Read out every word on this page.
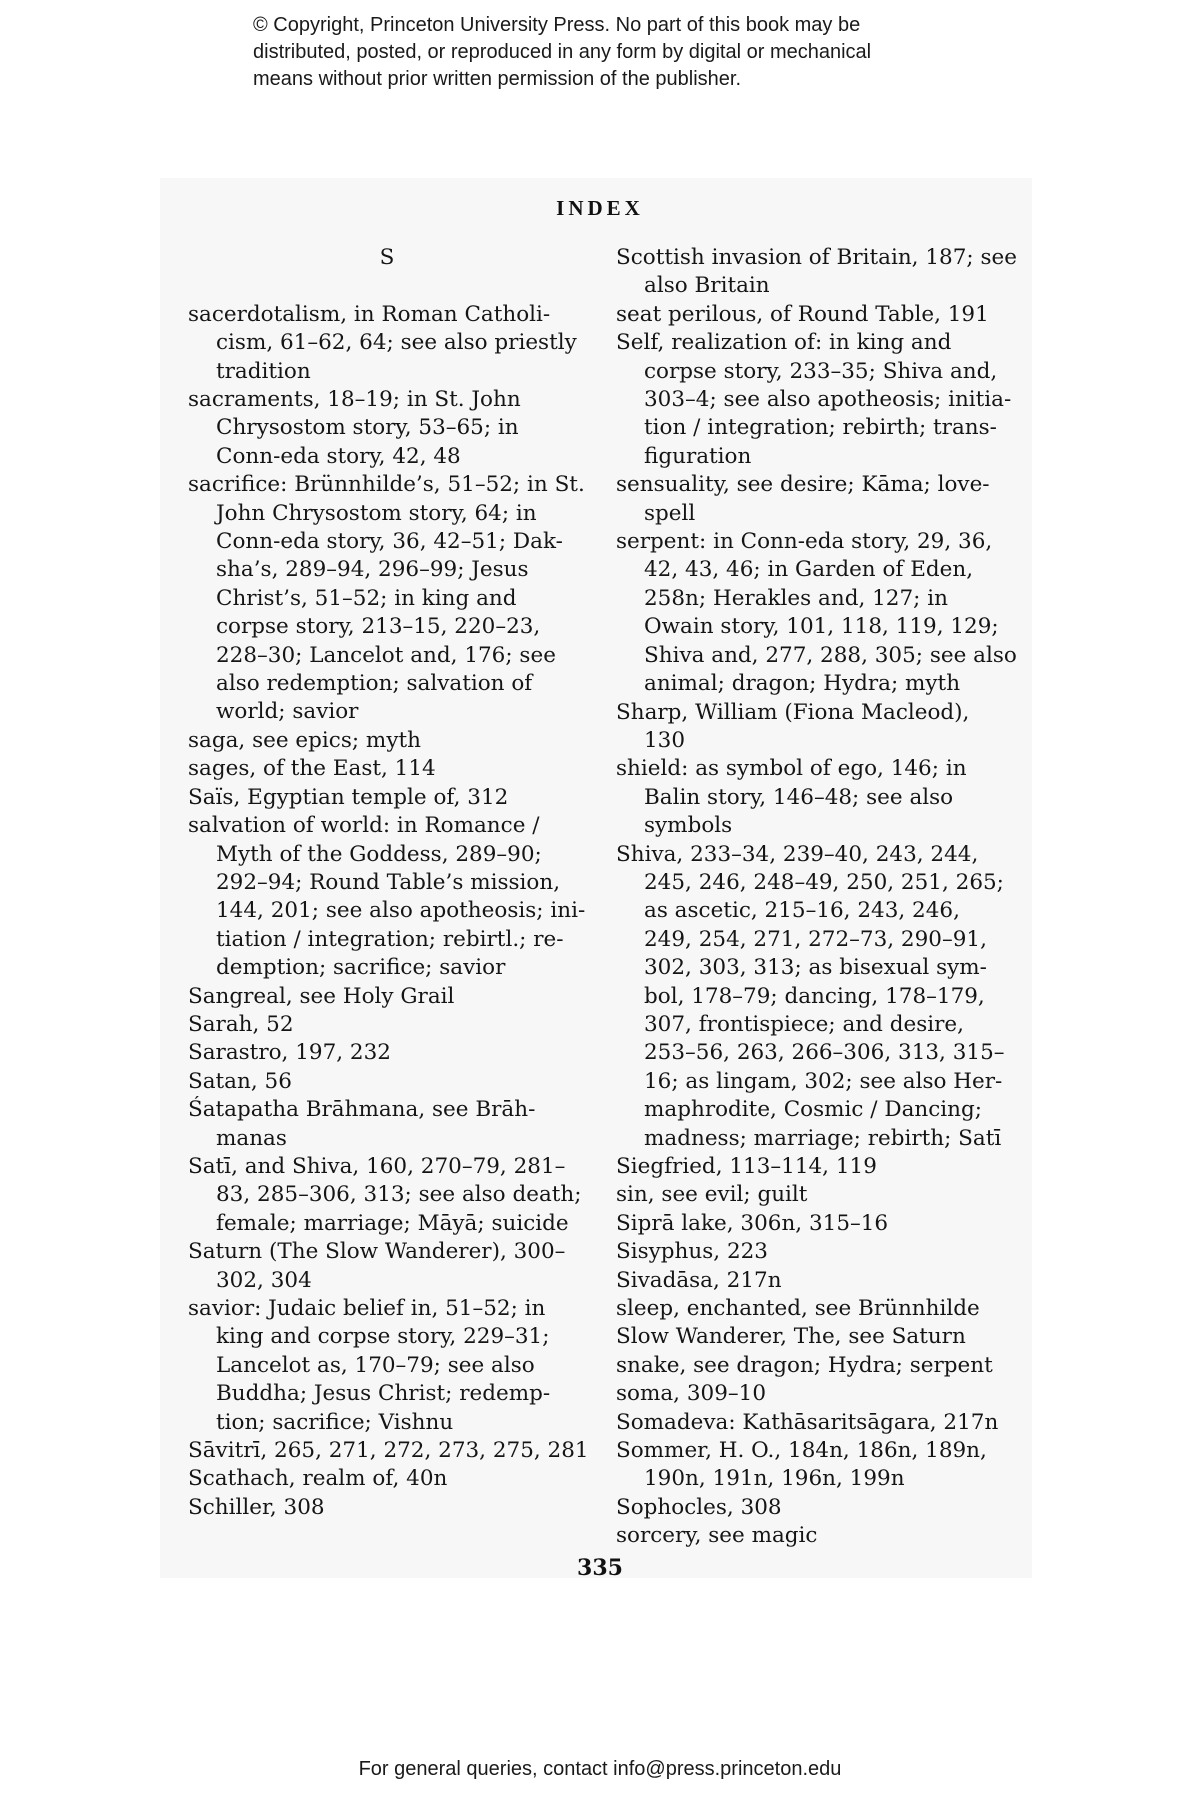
© Copyright, Princeton University Press. No part of this book may be
distributed, posted, or reproduced in any form by digital or mechanical
means without prior written permission of the publisher.
INDEX
S
sacerdotalism, in Roman Catholi-
cism, 61–62, 64; see also priestly
tradition
sacraments, 18–19; in St. John
Chrysostom story, 53–65; in
Conn-eda story, 42, 48
sacrifice: Brünnhilde’s, 51–52; in St.
John Chrysostom story, 64; in
Conn-eda story, 36, 42–51; Dak-
sha’s, 289–94, 296–99; Jesus
Christ’s, 51–52; in king and
corpse story, 213–15, 220–23,
228–30; Lancelot and, 176; see
also redemption; salvation of
world; savior
saga, see epics; myth
sages, of the East, 114
Saïs, Egyptian temple of, 312
salvation of world: in Romance /
Myth of the Goddess, 289–90;
292–94; Round Table’s mission,
144, 201; see also apotheosis; ini-
tiation / integration; rebirtl.; re-
demption; sacrifice; savior
Sangreal, see Holy Grail
Sarah, 52
Sarastro, 197, 232
Satan, 56
Śatapatha Brāhmana, see Brāh-
manas
Satī, and Shiva, 160, 270–79, 281–
83, 285–306, 313; see also death;
female; marriage; Māyā; suicide
Saturn (The Slow Wanderer), 300–
302, 304
savior: Judaic belief in, 51–52; in
king and corpse story, 229–31;
Lancelot as, 170–79; see also
Buddha; Jesus Christ; redemp-
tion; sacrifice; Vishnu
Sāvitrī, 265, 271, 272, 273, 275, 281
Scathach, realm of, 40n
Schiller, 308
Scottish invasion of Britain, 187; see
also Britain
seat perilous, of Round Table, 191
Self, realization of: in king and
corpse story, 233–35; Shiva and,
303–4; see also apotheosis; initia-
tion / integration; rebirth; trans-
figuration
sensuality, see desire; Kāma; love-
spell
serpent: in Conn-eda story, 29, 36,
42, 43, 46; in Garden of Eden,
258n; Herakles and, 127; in
Owain story, 101, 118, 119, 129;
Shiva and, 277, 288, 305; see also
animal; dragon; Hydra; myth
Sharp, William (Fiona Macleod),
130
shield: as symbol of ego, 146; in
Balin story, 146–48; see also
symbols
Shiva, 233–34, 239–40, 243, 244,
245, 246, 248–49, 250, 251, 265;
as ascetic, 215–16, 243, 246,
249, 254, 271, 272–73, 290–91,
302, 303, 313; as bisexual sym-
bol, 178–79; dancing, 178–179,
307, frontispiece; and desire,
253–56, 263, 266–306, 313, 315–
16; as lingam, 302; see also Her-
maphrodite, Cosmic / Dancing;
madness; marriage; rebirth; Satī
Siegfried, 113–114, 119
sin, see evil; guilt
Siprā lake, 306n, 315–16
Sisyphus, 223
Sivadāsa, 217n
sleep, enchanted, see Brünnhilde
Slow Wanderer, The, see Saturn
snake, see dragon; Hydra; serpent
soma, 309–10
Somadeva: Kathāsaritsāgara, 217n
Sommer, H. O., 184n, 186n, 189n,
190n, 191n, 196n, 199n
Sophocles, 308
sorcery, see magic
335
For general queries, contact info@press.princeton.edu
